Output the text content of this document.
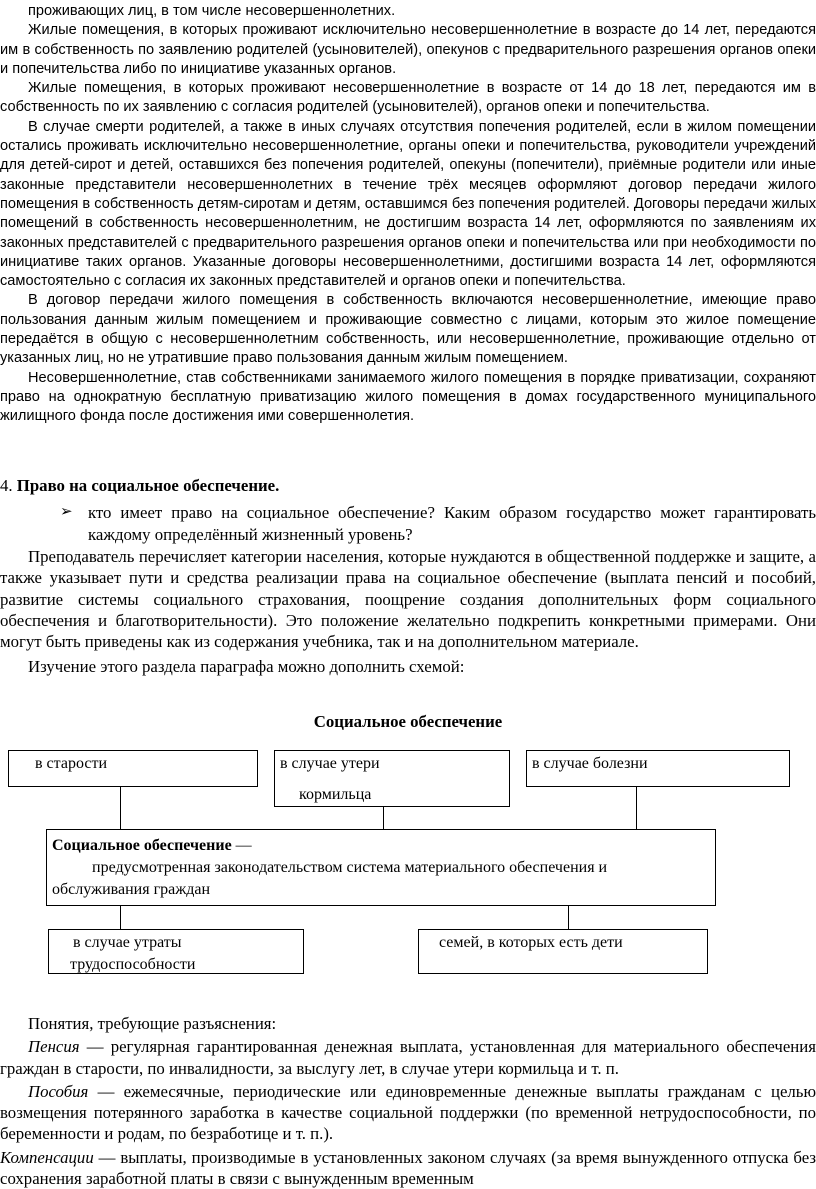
проживающих лиц, в том числе несовершеннолетних.

Жилые помещения, в которых проживают исключительно несовершеннолетние в возрасте до 14 лет, передаются им в собственность по заявлению родителей (усыновителей), опекунов с предварительного разрешения органов опеки и попечительства либо по инициативе указанных органов.

Жилые помещения, в которых проживают несовершеннолетние в возрасте от 14 до 18 лет, передаются им в собственность по их заявлению с согласия родителей (усыновителей), органов опеки и попечительства.

В случае смерти родителей, а также в иных случаях отсутствия попечения родителей, если в жилом помещении остались проживать исключительно несовершеннолетние, органы опеки и попечительства, руководители учреждений для детей-сирот и детей, оставшихся без попечения родителей, опекуны (попечители), приёмные родители или иные законные представители несовершеннолетних в течение трёх месяцев оформляют договор передачи жилого помещения в собственность детям-сиротам и детям, оставшимся без попечения родителей. Договоры передачи жилых помещений в собственность несовершеннолетним, не достигшим возраста 14 лет, оформляются по заявлениям их законных представителей с предварительного разрешения органов опеки и попечительства или при необходимости по инициативе таких органов. Указанные договоры несовершеннолетними, достигшими возраста 14 лет, оформляются самостоятельно с согласия их законных представителей и органов опеки и попечительства.

В договор передачи жилого помещения в собственность включаются несовершеннолетние, имеющие право пользования данным жилым помещением и проживающие совместно с лицами, которым это жилое помещение передаётся в общую с несовершеннолетним собственность, или несовершеннолетние, проживающие отдельно от указанных лиц, но не утратившие право пользования данным жилым помещением.

Несовершеннолетние, став собственниками занимаемого жилого помещения в порядке приватизации, сохраняют право на однократную бесплатную приватизацию жилого помещения в домах государственного муниципального жилищного фонда после достижения ими совершеннолетия.

4. Право на социальное обеспечение.
➢ кто имеет право на социальное обеспечение? Каким образом государство может гарантировать каждому определённый жизненный уровень?

Преподаватель перечисляет категории населения, которые нуждаются в общественной поддержке и защите, а также указывает пути и средства реализации права на социальное обеспечение (выплата пенсий и пособий, развитие системы социального страхования, поощрение создания дополнительных форм социального обеспечения и благотворительности). Это положение желательно подкрепить конкретными примерами. Они могут быть приведены как из содержания учебника, так и на дополнительном материале.

Изучение этого раздела параграфа можно дополнить схемой:

Социальное обеспечение
в старости	в случае утери
кормильца
в случае болезни
Социальное обеспечение —
предусмотренная законодательством система материального обеспечения и обслуживания граждан
в случае утраты
трудоспособности
семей, в которых есть дети

Понятия, требующие разъяснения:

Пенсия — регулярная гарантированная денежная выплата, установленная для материального обеспечения граждан в старости, по инвалидности, за выслугу лет, в случае утери кормильца и т. п.

Пособия — ежемесячные, периодические или единовременные денежные выплаты гражданам с целью возмещения потерянного заработка в качестве социальной поддержки (по временной нетрудоспособности, по беременности и родам, по безработице и т. п.).

Компенсации — выплаты, производимые в установленных законом случаях (за время вынужденного отпуска без сохранения заработной платы в связи с вынужденным временным
